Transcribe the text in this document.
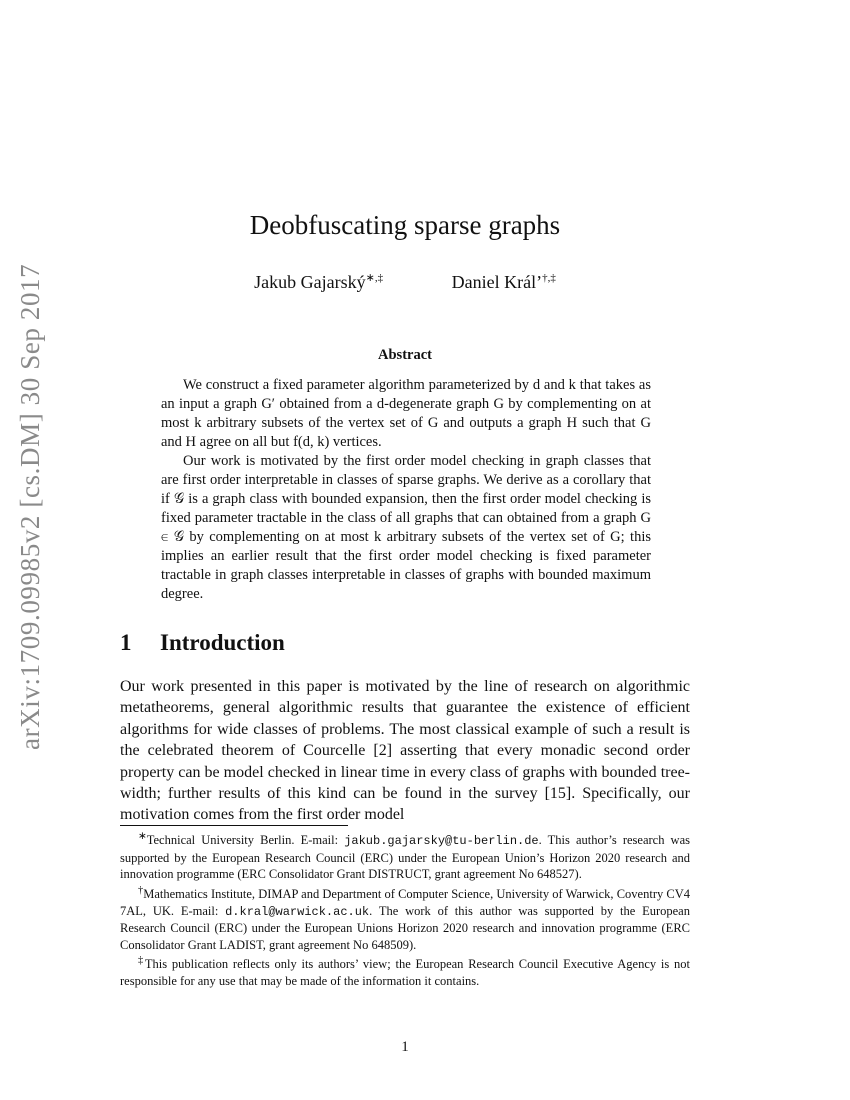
arXiv:1709.09985v2 [cs.DM] 30 Sep 2017
Deobfuscating sparse graphs
Jakub Gajarský∗,‡	Daniel Král’†,‡
Abstract

We construct a fixed parameter algorithm parameterized by d and k that takes as an input a graph G′ obtained from a d-degenerate graph G by complementing on at most k arbitrary subsets of the vertex set of G and outputs a graph H such that G and H agree on all but f(d, k) vertices.

Our work is motivated by the first order model checking in graph classes that are first order interpretable in classes of sparse graphs. We derive as a corollary that if 𝒢 is a graph class with bounded expansion, then the first order model checking is fixed parameter tractable in the class of all graphs that can obtained from a graph G ∈ 𝒢 by complementing on at most k arbitrary subsets of the vertex set of G; this implies an earlier result that the first order model checking is fixed parameter tractable in graph classes interpretable in classes of graphs with bounded maximum degree.

1 Introduction

Our work presented in this paper is motivated by the line of research on algorithmic metatheorems, general algorithmic results that guarantee the existence of efficient algorithms for wide classes of problems. The most classical example of such a result is the celebrated theorem of Courcelle [2] asserting that every monadic second order property can be model checked in linear time in every class of graphs with bounded tree-width; further results of this kind can be found in the survey [15]. Specifically, our motivation comes from the first order model

∗Technical University Berlin. E-mail: jakub.gajarsky@tu-berlin.de. This author’s research was supported by the European Research Council (ERC) under the European Union’s Horizon 2020 research and innovation programme (ERC Consolidator Grant DISTRUCT, grant agreement No 648527).

†Mathematics Institute, DIMAP and Department of Computer Science, University of Warwick, Coventry CV4 7AL, UK. E-mail: d.kral@warwick.ac.uk. The work of this author was supported by the European Research Council (ERC) under the European Unions Horizon 2020 research and innovation programme (ERC Consolidator Grant LADIST, grant agreement No 648509).

‡This publication reflects only its authors’ view; the European Research Council Executive Agency is not responsible for any use that may be made of the information it contains.

1
